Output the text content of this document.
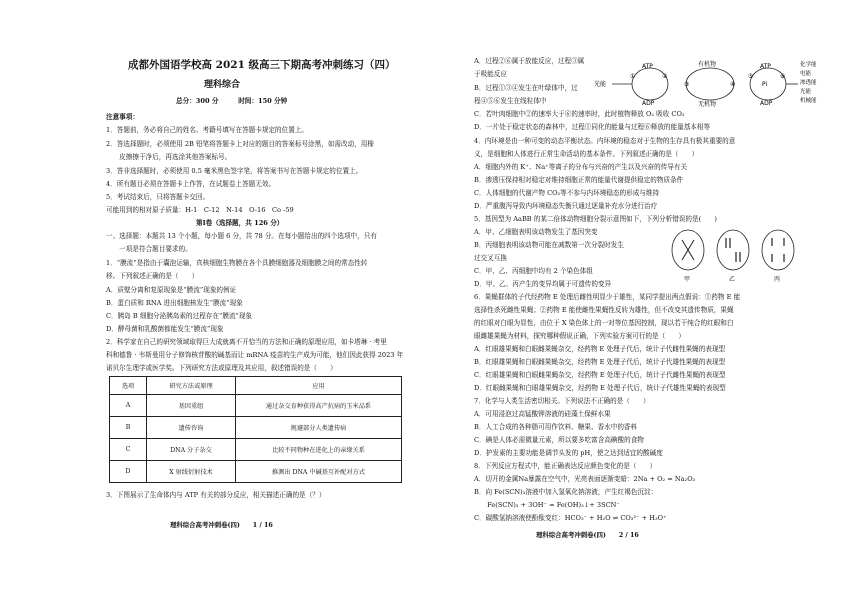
成都外国语学校高 2021 级高三下期高考冲刺练习（四）
理科综合
总分：300 分　　　时间：150 分钟
注意事项：
1．答题前，务必将自己的姓名、考籍号填写在答题卡规定的位置上。
2．答选择题时，必须使用 2B 铅笔将答题卡上对应的题目的答案标号涂黑，如需改动，用橡
　　皮擦擦干净后，再选涂其他答案标号。
3．答非选择题时，必须使用 0.5 毫米黑色签字笔，将答案书写在答题卡规定的位置上。
4．所有题目必须在答题卡上作答，在试题卷上答题无效。
5．考试结束后，只将答题卡交回。
可能用到的相对原子质量：H-1　C-12　N-14　O-16　Co -59
第Ⅰ卷（选择题，共 126 分）
一、选择题：本题共 13 个小题，每小题 6 分，共 78 分。在每小题给出的四个选项中，只有
　　一项是符合题目要求的。
1．“膜流”是指由于囊泡运输，真核细胞生物膜在各个具膜细胞器及细胞膜之间的常态性转
移。下列叙述正确的是（　　）
A．质壁分离和复原现象是“膜流”现象的例证
B．蛋白质和 RNA 进出细胞核发生“膜流”现象
C．胰岛 B 细胞分泌胰岛素的过程存在“膜流”现象
D．酵母菌和乳酸菌都能发生“膜流”现象
2．科学家在自己的研究领域取得巨大成就离不开恰当的方法和正确的原理应用，如卡塔琳 · 考里
科和德鲁 · 韦斯曼用分子修饰核苷酸的碱基而让 mRNA 疫苗的生产成为可能，他们因此获得 2023 年
诺贝尔生理学或医学奖。下列研究方法或原理及其应用，叙述错误的是（　　）
选项	研究方法或原理	应用
A	基因重组	通过杂交育种获得高产抗病的玉米品系
B	遗传咨询	规避部分人类遗传病
C	DNA 分子杂交	比较不同物种在进化上的亲缘关系
D	X 射线衍射技术	推测出 DNA 中碱基互补配对方式
3．下图展示了生命体内与 ATP 有关的部分反应，相关描述正确的是（？）
理科综合高考冲刺卷(四)　　1 / 16
A．过程②⑥属于放能反应，过程③属
于吸能反应
B．过程①③④发生在叶绿体中，过
程④⑤⑥发生在线粒体中
光能
ATP
ADP
①	②
有机物
无机物
③	④
ATP
ADP
Pi
⑤	⑥
化学能
电能
渗透能
光能
机械能
C．若叶肉细胞中②的速率大于⑥的速率时，此时植物释放 O₂ 吸收 CO₂
D．一片处于稳定状态的森林中，过程①同化的能量与过程⑥释放的能量基本相等
4．内环境是由一种可变的动态平衡状态。内环境的稳态对于生物的生存具有极其重要的意
义，是细胞和人体进行正常生命活动的基本条件。下列叙述正确的是（　　）
A．细胞内外的 K⁺、Na⁺等离子的分布与兴奋的产生以及兴奋的传导有关
B．渗透压保持相对稳定对维持细胞正常的能量代谢提供稳定的物质条件
C．人体细胞的代谢产物 CO₂等不参与内环境稳态的形成与维持
D．严重腹泻导致内环境稳态失衡只通过逐量补充水分进行治疗
5．基因型为 AaBB 的某二倍体动物细胞分裂示意图如下，下列分析错误的是(　　)
A．甲、乙细胞表明该动物发生了基因突变
B．丙细胞表明该动物可能在减数第一次分裂时发生
过交叉互换
C．甲、乙、丙细胞中均有 2 个染色体组
D．甲、乙、丙产生的变异均属于可遗传的变异
甲	乙	丙
6．果蝇群体的子代经药物 E 处理后雌性明显少于雄性，某同学提出两点假说：①药物 E 能
选择性杀死雌性果蝇；②药物 E 能使雌性果蝇性反转为雄性，但不改变其遗传物质，果蝇
的红眼对白眼为显性，由位于 X 染色体上的一对等位基因控制，现以若干纯合的红眼和白
眼雌雄果蝇为材料，探究哪种假说正确，下列实验方案可行的是（　　）
A．红眼雄果蝇和白眼雌果蝇杂交，经药物 E 处理子代后，统计子代雌性果蝇的表现型
B．红眼雄果蝇和白眼雌果蝇杂交，经药物 E 处理子代后，统计子代雄性果蝇的表现型
C．红眼雄果蝇和白眼雌果蝇杂交，经药物 E 处理子代后，统计子代雌性果蝇的表现型
D．红眼雌果蝇和白眼雄果蝇杂交，经药物 E 处理子代后，统计子代雄性果蝇的表现型
7．化学与人类生活密切相关。下列说法不正确的是（　　）
A．可用浸泡过高锰酸钾溶液的硅藻土保鲜水果
B．人工合成的各种脂可用作饮料、糖果、香水中的香料
C．碘是人体必需微量元素，所以要多吃富含高碘酸的食物
D．护发素的主要功能是调节头发的 pH，使之达到适宜的酸碱度
8．下列反应方程式中，能正确表达反应颜色变化的是（　　）
A．切开的金属Na暴露在空气中，光亮表面逐渐变暗：2Na + O₂ = Na₂O₂
B．向 Fe(SCN)₃溶液中加入氢氧化钠溶液，产生红褐色沉淀：
　　Fe(SCN)₃ + 3OH⁻ = Fe(OH)₃↓+ 3SCN⁻
C．碳酸氢钠溶液使酚酞变红：HCO₃⁻ + H₂O ⇌ CO₃²⁻ + H₃O⁺
理科综合高考冲刺卷(四)　　2 / 16
